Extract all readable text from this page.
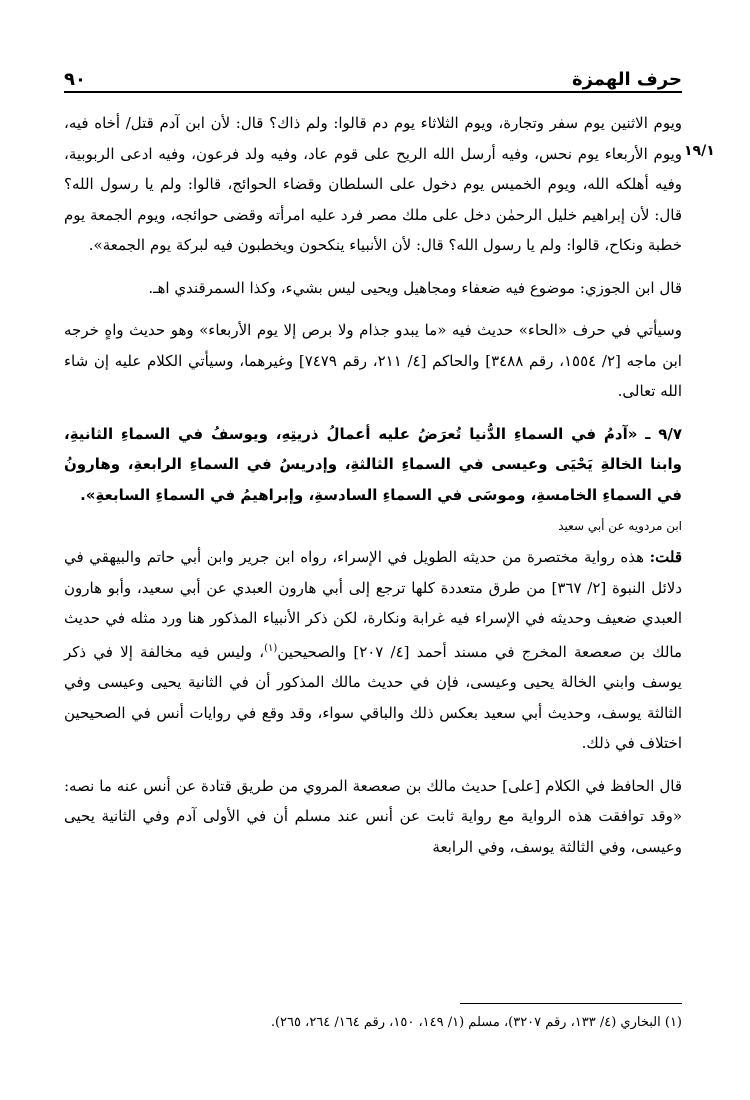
حرف الهمزة
٩٠
١٩/١

ويوم الاثنين يوم سفر وتجارة، ويوم الثلاثاء يوم دم قالوا: ولم ذاك؟ قال: لأن ابن آدم قتل/ أخاه فيه، ويوم الأربعاء يوم نحس، وفيه أرسل الله الريح على قوم عاد، وفيه ولد فرعون، وفيه ادعى الربوبية، وفيه أهلكه الله، ويوم الخميس يوم دخول على السلطان وقضاء الحوائج، قالوا: ولم يا رسول الله؟ قال: لأن إبراهيم خليل الرحمٰن دخل على ملك مصر فرد عليه امرأته وقضى حوائجه، ويوم الجمعة يوم خطبة ونكاح، قالوا: ولم يا رسول الله؟ قال: لأن الأنبياء ينكحون ويخطبون فيه لبركة يوم الجمعة».

قال ابن الجوزي: موضوع فيه ضعفاء ومجاهيل ويحيى ليس بشيء، وكذا السمرقندي اهـ.

وسيأتي في حرف «الحاء» حديث فيه «ما يبدو جذام ولا برص إلا يوم الأربعاء» وهو حديث واهٍ خرجه ابن ماجه [٢/ ١٥٥٤، رقم ٣٤٨٨] والحاكم [٤/ ٢١١، رقم ٧٤٧٩] وغيرهما، وسيأتي الكلام عليه إن شاء الله تعالى.

٩/٧ ـ «آدمُ في السماءِ الدُّنيا تُعرَضُ عليه أعمالُ ذريتِهِ، ويوسفُ في السماءِ الثانيةِ، وابنا الخالةِ يَحْيَى وعيسى في السماءِ الثالثةِ، وإدريسُ في السماءِ الرابعةِ، وهارونُ في السماءِ الخامسةِ، وموسَى في السماءِ السادسةِ، وإبراهيمُ في السماءِ السابعةِ».

ابن مردويه عن أبي سعيد

قلت: هذه رواية مختصرة من حديثه الطويل في الإسراء، رواه ابن جرير وابن أبي حاتم والبيهقي في دلائل النبوة [٢/ ٣٦٧] من طرق متعددة كلها ترجع إلى أبي هارون العبدي عن أبي سعيد، وأبو هارون العبدي ضعيف وحديثه في الإسراء فيه غرابة ونكارة، لكن ذكر الأنبياء المذكور هنا ورد مثله في حديث مالك بن صعصعة المخرج في مسند أحمد [٤/ ٢٠٧] والصحيحين$^{(١)}$، وليس فيه مخالفة إلا في ذكر يوسف وابني الخالة يحيى وعيسى، فإن في حديث مالك المذكور أن في الثانية يحيى وعيسى وفي الثالثة يوسف، وحديث أبي سعيد بعكس ذلك والباقي سواء، وقد وقع في روايات أنس في الصحيحين اختلاف في ذلك.

قال الحافظ في الكلام [على] حديث مالك بن صعصعة المروي من طريق قتادة عن أنس عنه ما نصه: «وقد توافقت هذه الرواية مع رواية ثابت عن أنس عند مسلم أن في الأولى آدم وفي الثانية يحيى وعيسى، وفي الثالثة يوسف، وفي الرابعة

(١) البخاري (٤/ ١٣٣، رقم ٣٢٠٧)، مسلم (١/ ١٤٩، ١٥٠، رقم ١٦٤/ ٢٦٤، ٢٦٥).
